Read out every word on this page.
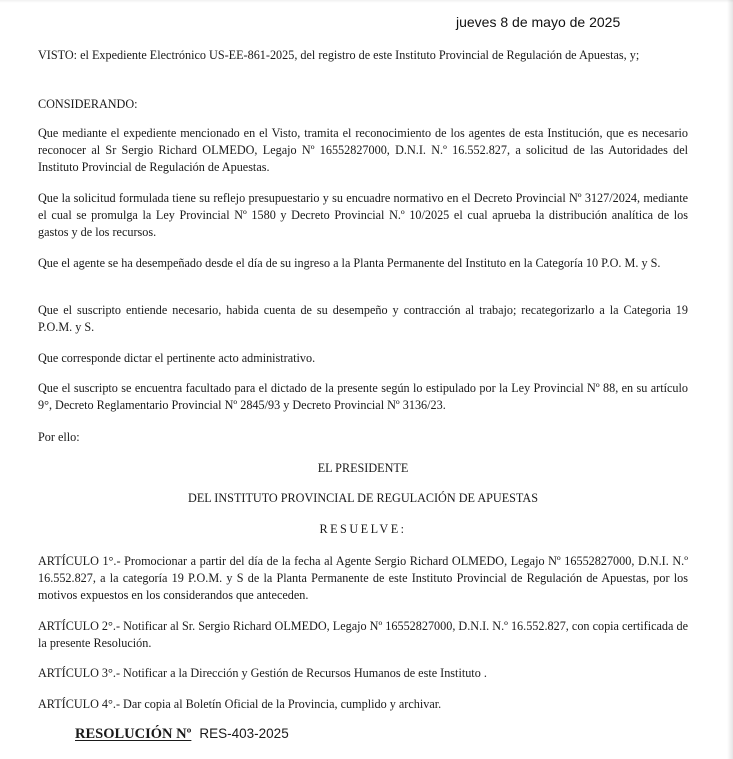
jueves 8 de mayo de 2025

VISTO: el Expediente Electrónico US-EE-861-2025, del registro de este Instituto Provincial de Regulación de Apuestas, y;

CONSIDERANDO:

Que mediante el expediente mencionado en el Visto, tramita el reconocimiento de los agentes de esta Institución, que es necesario reconocer al Sr Sergio Richard OLMEDO, Legajo Nº 16552827000, D.N.I. N.º 16.552.827, a solicitud de las Autoridades del Instituto Provincial de Regulación de Apuestas.

Que la solicitud formulada tiene su reflejo presupuestario y su encuadre normativo en el Decreto Provincial Nº 3127/2024, mediante el cual se promulga la Ley Provincial Nº 1580 y Decreto Provincial N.º 10/2025 el cual aprueba la distribución analítica de los gastos y de los recursos.

Que el agente se ha desempeñado desde el día de su ingreso a la Planta Permanente del Instituto en la Categoría 10 P.O. M. y S.

Que el suscripto entiende necesario, habida cuenta de su desempeño y contracción al trabajo; recategorizarlo a la Categoria 19 P.O.M. y S.

Que corresponde dictar el pertinente acto administrativo.

Que el suscripto se encuentra facultado para el dictado de la presente según lo estipulado por la Ley Provincial Nº 88, en su artículo 9°, Decreto Reglamentario Provincial Nº 2845/93 y Decreto Provincial Nº 3136/23.

Por ello:

EL PRESIDENTE

DEL INSTITUTO PROVINCIAL DE REGULACIÓN DE APUESTAS

RESUELVE:

ARTÍCULO 1°.- Promocionar a partir del día de la fecha al Agente Sergio Richard OLMEDO, Legajo Nº 16552827000, D.N.I. N.º 16.552.827, a la categoría 19 P.O.M. y S de la Planta Permanente de este Instituto Provincial de Regulación de Apuestas, por los motivos expuestos en los considerandos que anteceden.

ARTÍCULO 2°.- Notificar al Sr. Sergio Richard OLMEDO, Legajo Nº 16552827000, D.N.I. N.º 16.552.827, con copia certificada de la presente Resolución.

ARTÍCULO 3°.- Notificar a la Dirección y Gestión de Recursos Humanos de este Instituto .

ARTÍCULO 4°.- Dar copia al Boletín Oficial de la Provincia, cumplido y archivar.

RESOLUCIÓN Nº RES-403-2025
